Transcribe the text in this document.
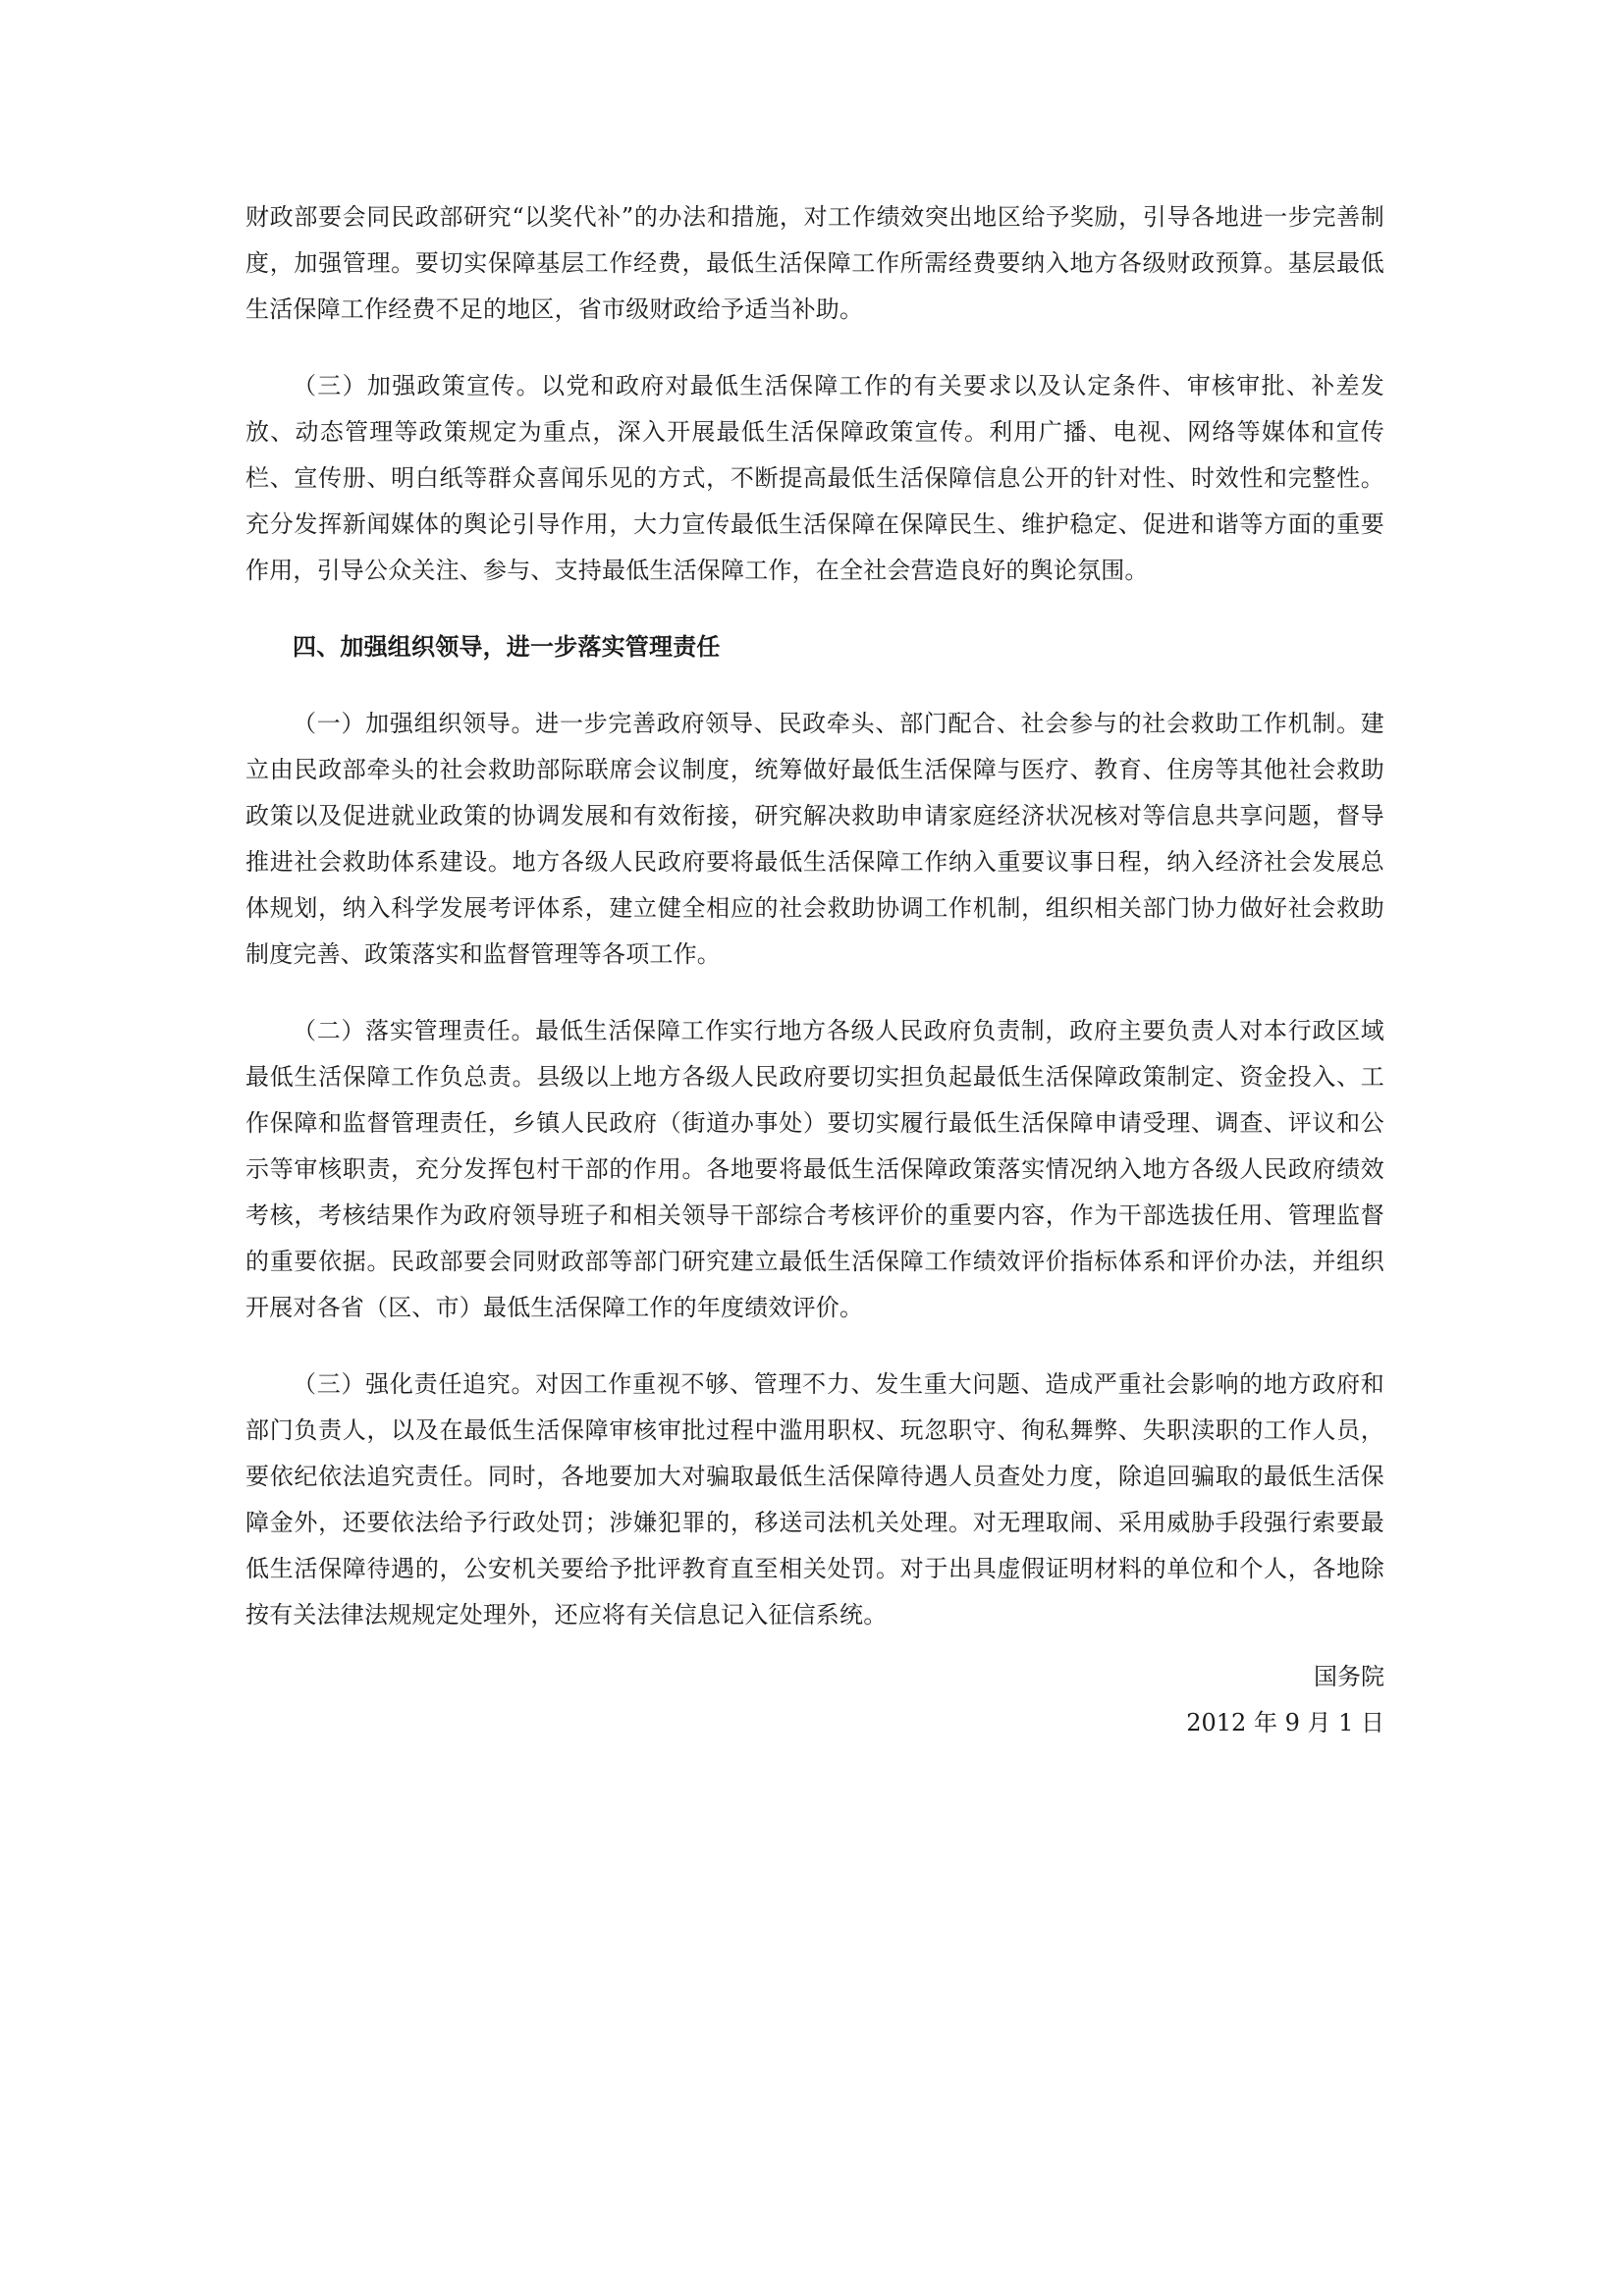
财政部要会同民政部研究“以奖代补”的办法和措施，对工作绩效突出地区给予奖励，引导各地进一步完善制度，加强管理。要切实保障基层工作经费，最低生活保障工作所需经费要纳入地方各级财政预算。基层最低生活保障工作经费不足的地区，省市级财政给予适当补助。

（三）加强政策宣传。以党和政府对最低生活保障工作的有关要求以及认定条件、审核审批、补差发放、动态管理等政策规定为重点，深入开展最低生活保障政策宣传。利用广播、电视、网络等媒体和宣传栏、宣传册、明白纸等群众喜闻乐见的方式，不断提高最低生活保障信息公开的针对性、时效性和完整性。充分发挥新闻媒体的舆论引导作用，大力宣传最低生活保障在保障民生、维护稳定、促进和谐等方面的重要作用，引导公众关注、参与、支持最低生活保障工作，在全社会营造良好的舆论氛围。

四、加强组织领导，进一步落实管理责任

（一）加强组织领导。进一步完善政府领导、民政牵头、部门配合、社会参与的社会救助工作机制。建立由民政部牵头的社会救助部际联席会议制度，统筹做好最低生活保障与医疗、教育、住房等其他社会救助政策以及促进就业政策的协调发展和有效衔接，研究解决救助申请家庭经济状况核对等信息共享问题，督导推进社会救助体系建设。地方各级人民政府要将最低生活保障工作纳入重要议事日程，纳入经济社会发展总体规划，纳入科学发展考评体系，建立健全相应的社会救助协调工作机制，组织相关部门协力做好社会救助制度完善、政策落实和监督管理等各项工作。

（二）落实管理责任。最低生活保障工作实行地方各级人民政府负责制，政府主要负责人对本行政区域最低生活保障工作负总责。县级以上地方各级人民政府要切实担负起最低生活保障政策制定、资金投入、工作保障和监督管理责任，乡镇人民政府（街道办事处）要切实履行最低生活保障申请受理、调查、评议和公示等审核职责，充分发挥包村干部的作用。各地要将最低生活保障政策落实情况纳入地方各级人民政府绩效考核，考核结果作为政府领导班子和相关领导干部综合考核评价的重要内容，作为干部选拔任用、管理监督的重要依据。民政部要会同财政部等部门研究建立最低生活保障工作绩效评价指标体系和评价办法，并组织开展对各省（区、市）最低生活保障工作的年度绩效评价。

（三）强化责任追究。对因工作重视不够、管理不力、发生重大问题、造成严重社会影响的地方政府和部门负责人，以及在最低生活保障审核审批过程中滥用职权、玩忽职守、徇私舞弊、失职渎职的工作人员，要依纪依法追究责任。同时，各地要加大对骗取最低生活保障待遇人员查处力度，除追回骗取的最低生活保障金外，还要依法给予行政处罚；涉嫌犯罪的，移送司法机关处理。对无理取闹、采用威胁手段强行索要最低生活保障待遇的，公安机关要给予批评教育直至相关处罚。对于出具虚假证明材料的单位和个人，各地除按有关法律法规规定处理外，还应将有关信息记入征信系统。

国务院
2012 年 9 月 1 日
